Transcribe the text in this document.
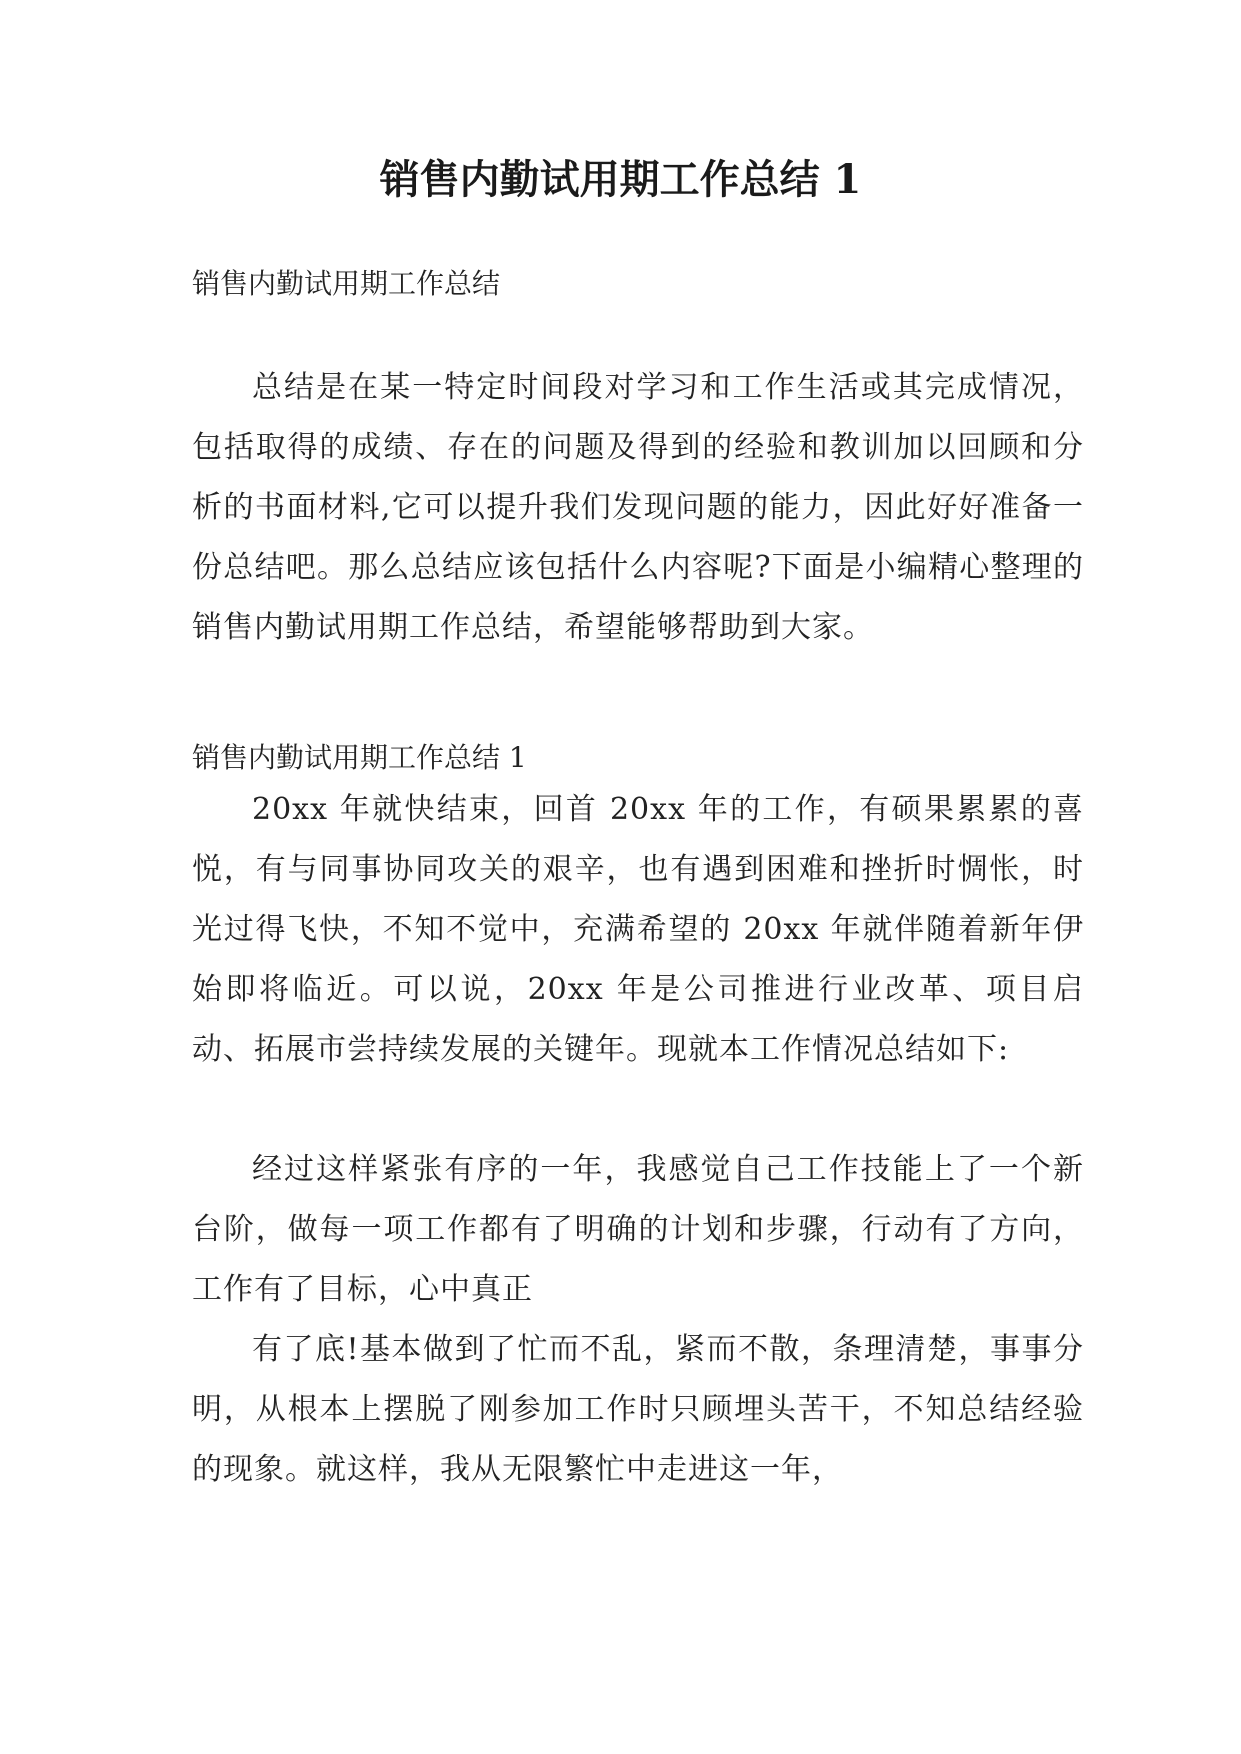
销售内勤试用期工作总结 1

销售内勤试用期工作总结

总结是在某一特定时间段对学习和工作生活或其完成情况，包括取得的成绩、存在的问题及得到的经验和教训加以回顾和分析的书面材料,它可以提升我们发现问题的能力，因此好好准备一份总结吧。那么总结应该包括什么内容呢?下面是小编精心整理的销售内勤试用期工作总结，希望能够帮助到大家。

销售内勤试用期工作总结 1

20xx 年就快结束，回首 20xx 年的工作，有硕果累累的喜悦，有与同事协同攻关的艰辛，也有遇到困难和挫折时惆怅，时光过得飞快，不知不觉中，充满希望的 20xx 年就伴随着新年伊始即将临近。可以说，20xx 年是公司推进行业改革、项目启动、拓展市尝持续发展的关键年。现就本工作情况总结如下:

经过这样紧张有序的一年，我感觉自己工作技能上了一个新台阶，做每一项工作都有了明确的计划和步骤，行动有了方向，工作有了目标，心中真正

有了底!基本做到了忙而不乱，紧而不散，条理清楚，事事分明，从根本上摆脱了刚参加工作时只顾埋头苦干，不知总结经验的现象。就这样，我从无限繁忙中走进这一年，
